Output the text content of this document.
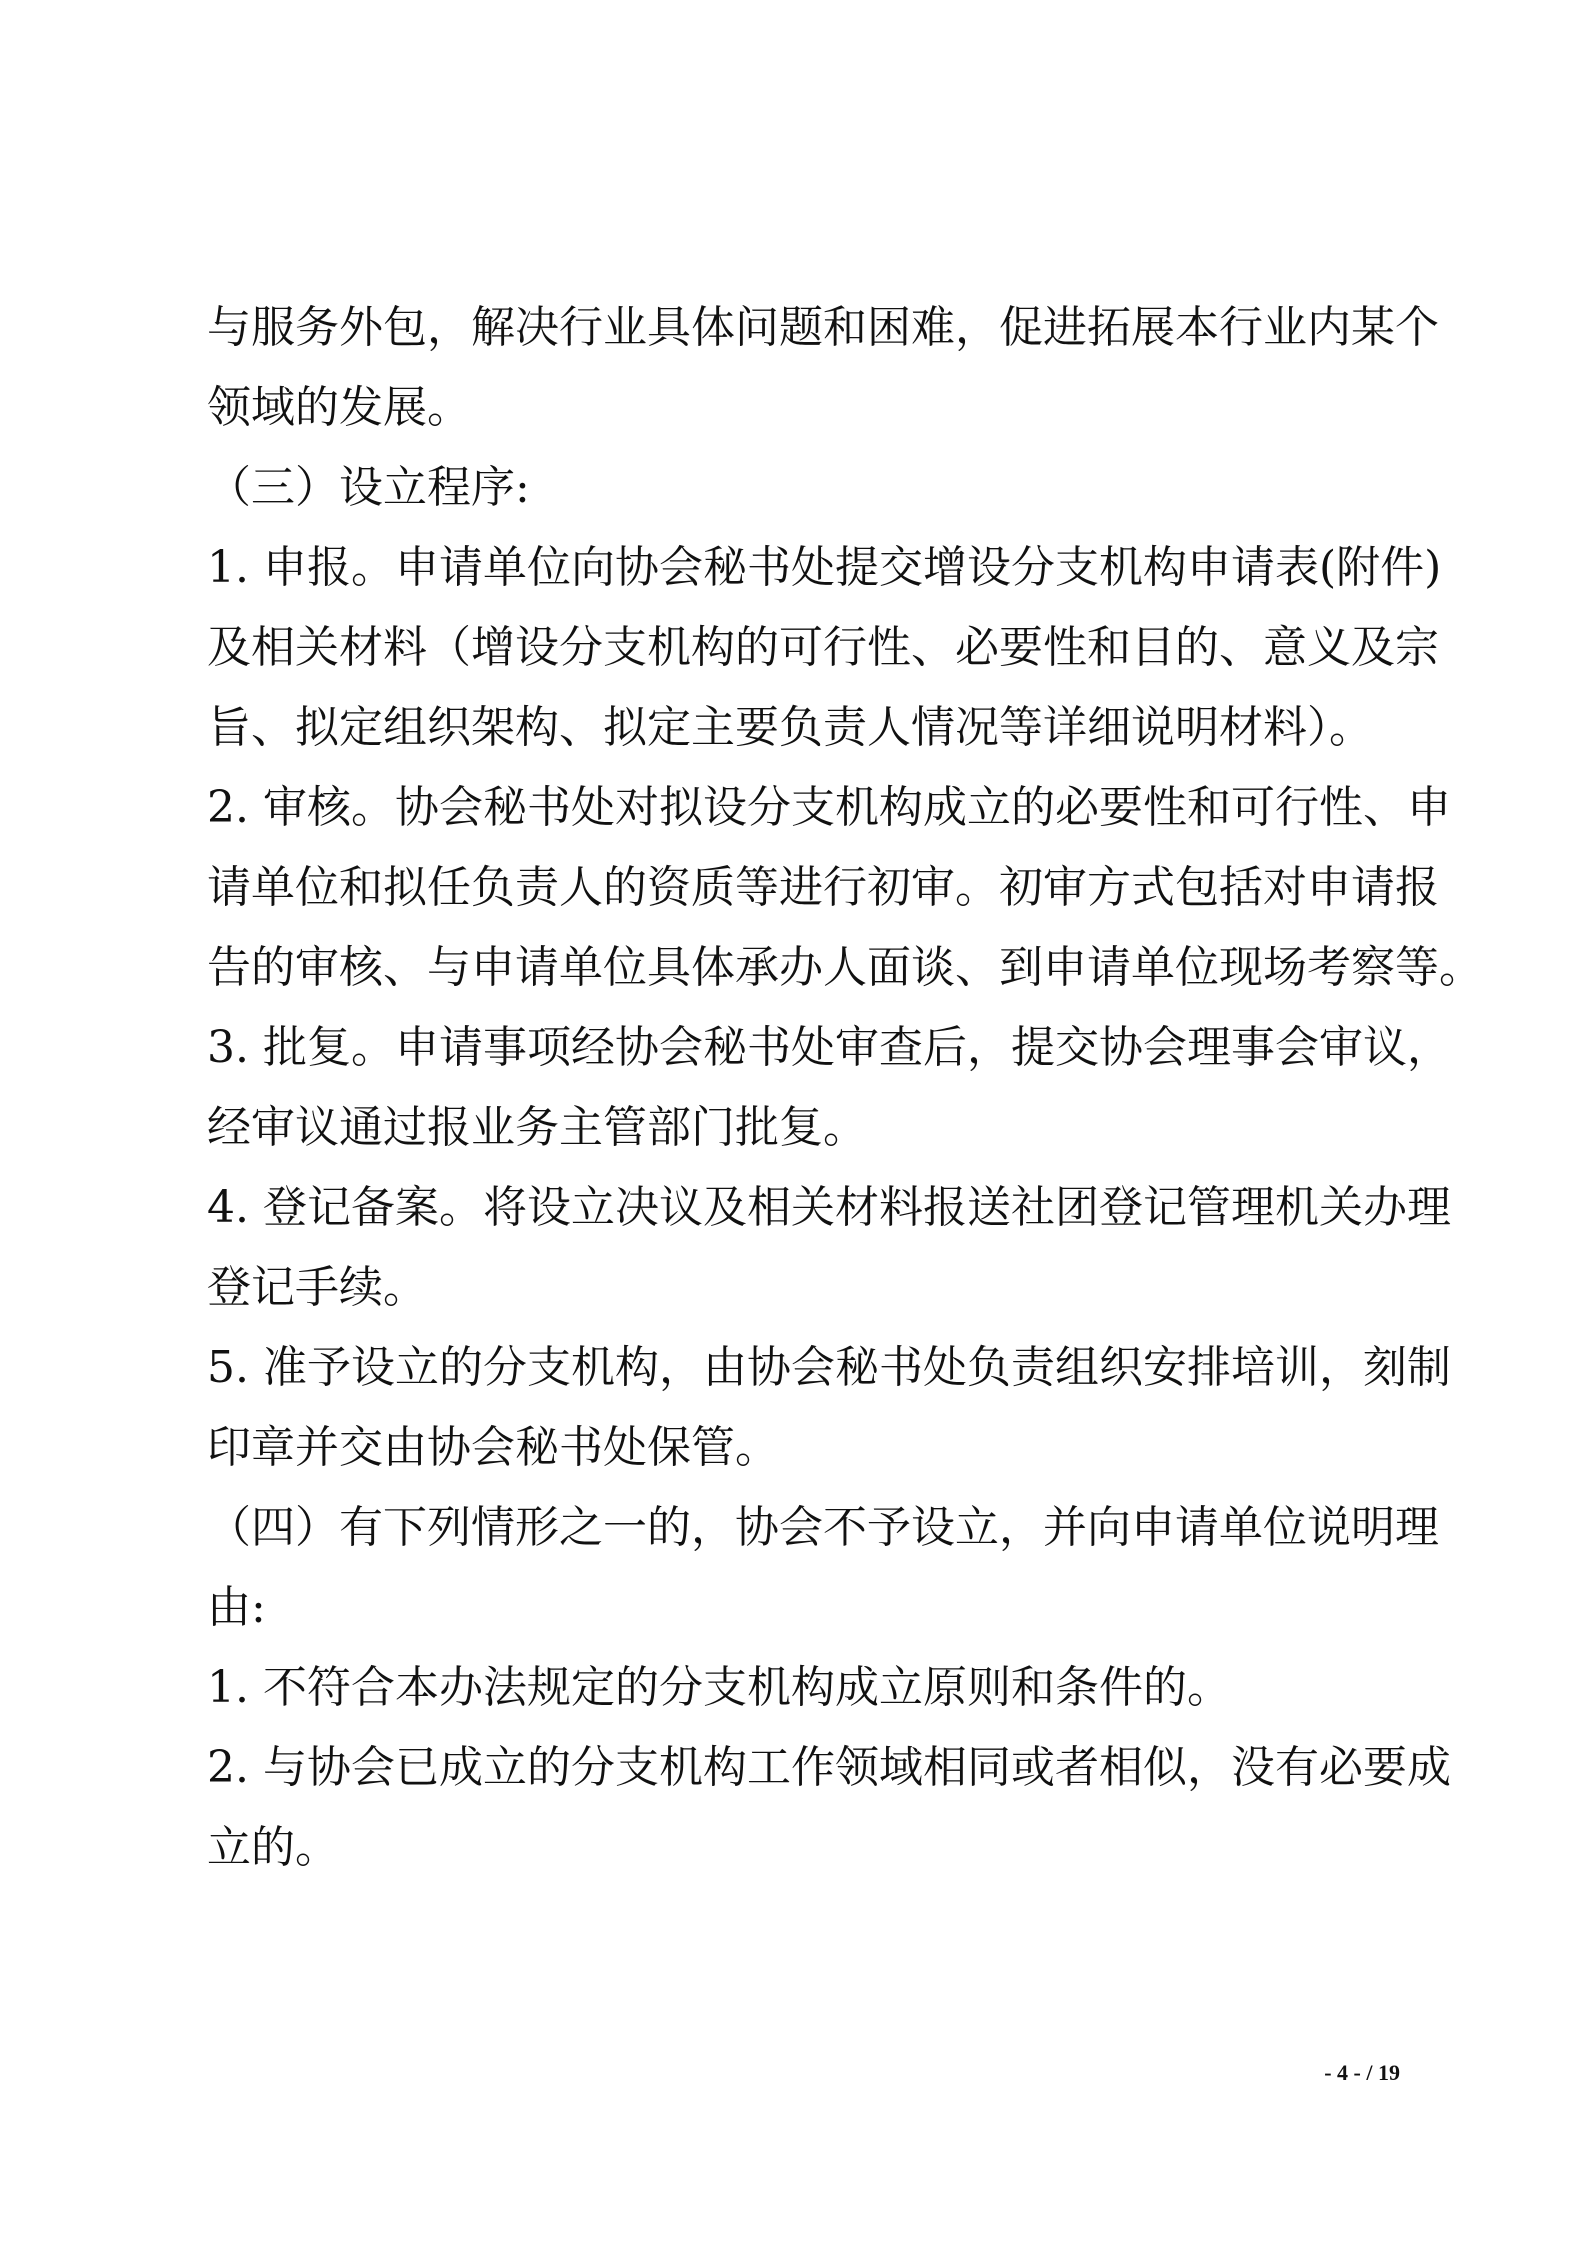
与服务外包，解决行业具体问题和困难，促进拓展本行业内某个
领域的发展。
（三）设立程序:
1. 申报。申请单位向协会秘书处提交增设分支机构申请表(附件)
及相关材料（增设分支机构的可行性、必要性和目的、意义及宗
旨、拟定组织架构、拟定主要负责人情况等详细说明材料）。
2. 审核。协会秘书处对拟设分支机构成立的必要性和可行性、申
请单位和拟任负责人的资质等进行初审。初审方式包括对申请报
告的审核、与申请单位具体承办人面谈、到申请单位现场考察等。
3. 批复。申请事项经协会秘书处审查后，提交协会理事会审议，
经审议通过报业务主管部门批复。
4. 登记备案。将设立决议及相关材料报送社团登记管理机关办理
登记手续。
5. 准予设立的分支机构，由协会秘书处负责组织安排培训，刻制
印章并交由协会秘书处保管。
（四）有下列情形之一的，协会不予设立，并向申请单位说明理
由:
1. 不符合本办法规定的分支机构成立原则和条件的。
2. 与协会已成立的分支机构工作领域相同或者相似，没有必要成
立的。
- 4 - / 19
